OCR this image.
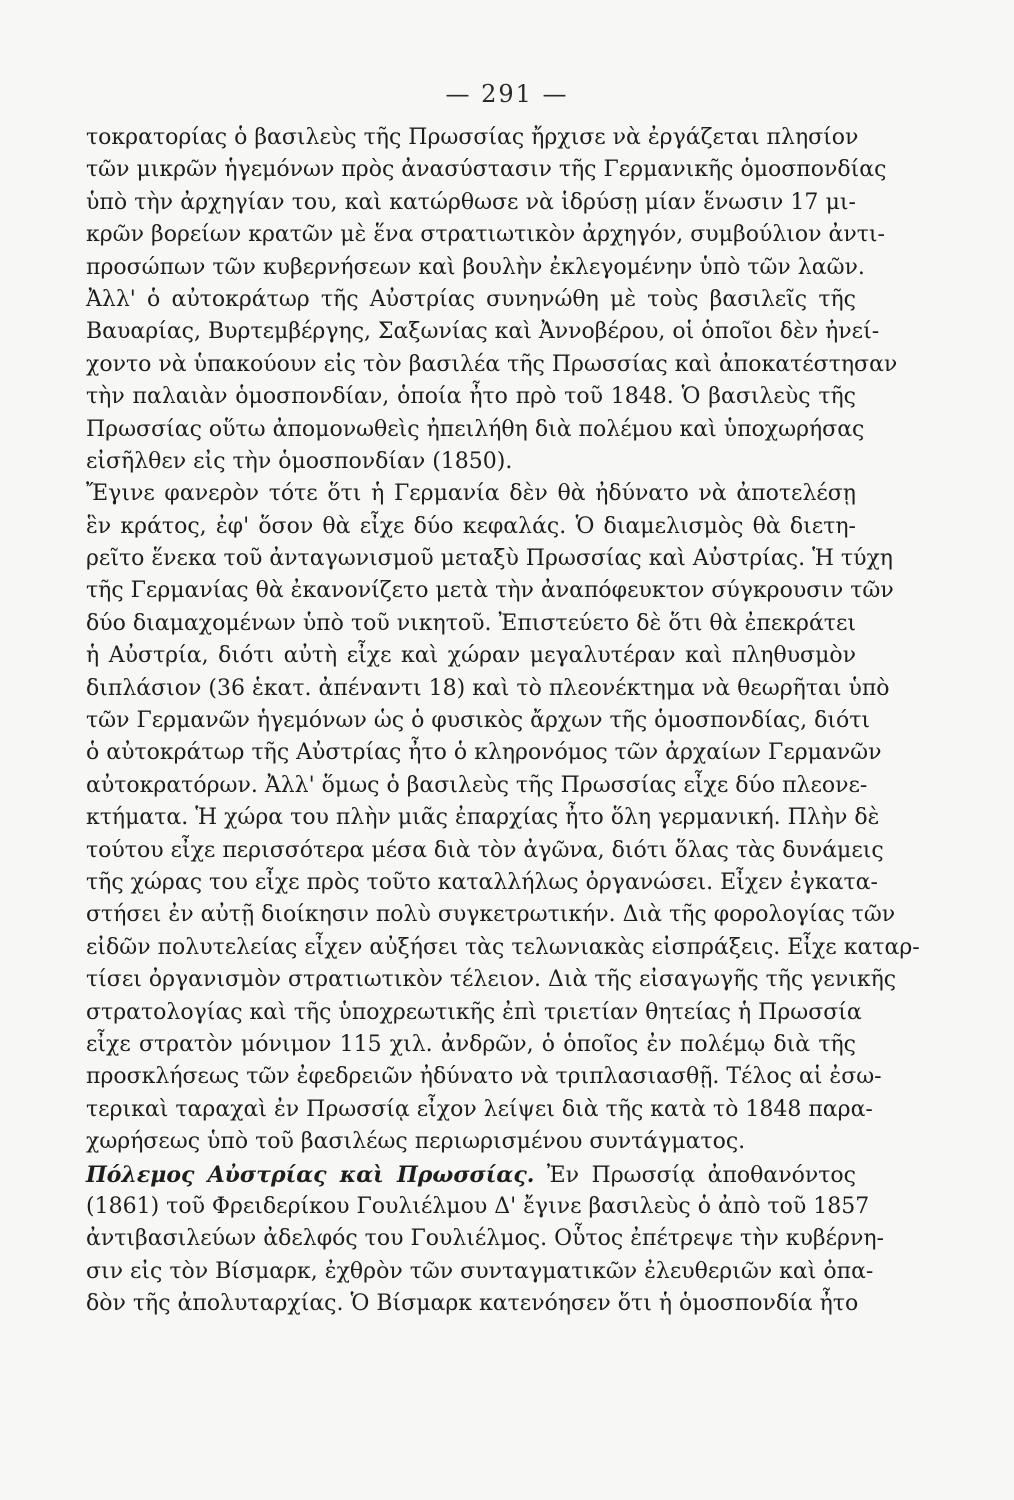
— 291 —
τοκρατορίας ὁ βασιλεὺς τῆς Πρωσσίας ἤρχισε νὰ ἐργάζεται πλησίον
τῶν μικρῶν ἡγεμόνων πρὸς ἀνασύστασιν τῆς Γερμανικῆς ὁμοσπονδίας
ὑπὸ τὴν ἀρχηγίαν του, καὶ κατώρθωσε νὰ ἱδρύσῃ μίαν ἕνωσιν 17 μι-
κρῶν βορείων κρατῶν μὲ ἕνα στρατιωτικὸν ἀρχηγόν, συμβούλιον ἀντι-
προσώπων τῶν κυβερνήσεων καὶ βουλὴν ἐκλεγομένην ὑπὸ τῶν λαῶν.
Ἀλλ' ὁ αὐτοκράτωρ τῆς Αὐστρίας συνηνώθη μὲ τοὺς βασιλεῖς τῆς
Βαυαρίας, Βυρτεμβέργης, Σαξωνίας καὶ Ἀννοβέρου, οἱ ὁποῖοι δὲν ἠνεί-
χοντο νὰ ὑπακούουν εἰς τὸν βασιλέα τῆς Πρωσσίας καὶ ἀποκατέστησαν
τὴν παλαιὰν ὁμοσπονδίαν, ὁποία ἦτο πρὸ τοῦ 1848. Ὁ βασιλεὺς τῆς
Πρωσσίας οὕτω ἀπομονωθεὶς ἠπειλήθη διὰ πολέμου καὶ ὑποχωρήσας
εἰσῆλθεν εἰς τὴν ὁμοσπονδίαν (1850).
Ἔγινε φανερὸν τότε ὅτι ἡ Γερμανία δὲν θὰ ἠδύνατο νὰ ἀποτελέσῃ
ἓν κράτος, ἐφ' ὅσον θὰ εἶχε δύο κεφαλάς. Ὁ διαμελισμὸς θὰ διετη-
ρεῖτο ἕνεκα τοῦ ἀνταγωνισμοῦ μεταξὺ Πρωσσίας καὶ Αὐστρίας. Ἡ τύχη
τῆς Γερμανίας θὰ ἐκανονίζετο μετὰ τὴν ἀναπόφευκτον σύγκρουσιν τῶν
δύο διαμαχομένων ὑπὸ τοῦ νικητοῦ. Ἐπιστεύετο δὲ ὅτι θὰ ἐπεκράτει
ἡ Αὐστρία, διότι αὐτὴ εἶχε καὶ χώραν μεγαλυτέραν καὶ πληθυσμὸν
διπλάσιον (36 ἑκατ. ἀπέναντι 18) καὶ τὸ πλεονέκτημα νὰ θεωρῆται ὑπὸ
τῶν Γερμανῶν ἡγεμόνων ὡς ὁ φυσικὸς ἄρχων τῆς ὁμοσπονδίας, διότι
ὁ αὐτοκράτωρ τῆς Αὐστρίας ἦτο ὁ κληρονόμος τῶν ἀρχαίων Γερμανῶν
αὐτοκρατόρων. Ἀλλ' ὅμως ὁ βασιλεὺς τῆς Πρωσσίας εἶχε δύο πλεονε-
κτήματα. Ἡ χώρα του πλὴν μιᾶς ἐπαρχίας ἦτο ὅλη γερμανική. Πλὴν δὲ
τούτου εἶχε περισσότερα μέσα διὰ τὸν ἀγῶνα, διότι ὅλας τὰς δυνάμεις
τῆς χώρας του εἶχε πρὸς τοῦτο καταλλήλως ὀργανώσει. Εἶχεν ἐγκατα-
στήσει ἐν αὐτῇ διοίκησιν πολὺ συγκετρωτικήν. Διὰ τῆς φορολογίας τῶν
εἰδῶν πολυτελείας εἶχεν αὐξήσει τὰς τελωνιακὰς εἰσπράξεις. Εἶχε καταρ-
τίσει ὀργανισμὸν στρατιωτικὸν τέλειον. Διὰ τῆς εἰσαγωγῆς τῆς γενικῆς
στρατολογίας καὶ τῆς ὑποχρεωτικῆς ἐπὶ τριετίαν θητείας ἡ Πρωσσία
εἶχε στρατὸν μόνιμον 115 χιλ. ἀνδρῶν, ὁ ὁποῖος ἐν πολέμῳ διὰ τῆς
προσκλήσεως τῶν ἐφεδρειῶν ἠδύνατο νὰ τριπλασιασθῇ. Τέλος αἱ ἐσω-
τερικαὶ ταραχαὶ ἐν Πρωσσίᾳ εἶχον λείψει διὰ τῆς κατὰ τὸ 1848 παρα-
χωρήσεως ὑπὸ τοῦ βασιλέως περιωρισμένου συντάγματος.
Πόλεμος Αὐστρίας καὶ Πρωσσίας. Ἐν Πρωσσίᾳ ἀποθανόντος
(1861) τοῦ Φρειδερίκου Γουλιέλμου Δ' ἔγινε βασιλεὺς ὁ ἀπὸ τοῦ 1857
ἀντιβασιλεύων ἀδελφός του Γουλιέλμος. Οὗτος ἐπέτρεψε τὴν κυβέρνη-
σιν εἰς τὸν Βίσμαρκ, ἐχθρὸν τῶν συνταγματικῶν ἐλευθεριῶν καὶ ὀπα-
δὸν τῆς ἀπολυταρχίας. Ὁ Βίσμαρκ κατενόησεν ὅτι ἡ ὁμοσπονδία ἦτο
